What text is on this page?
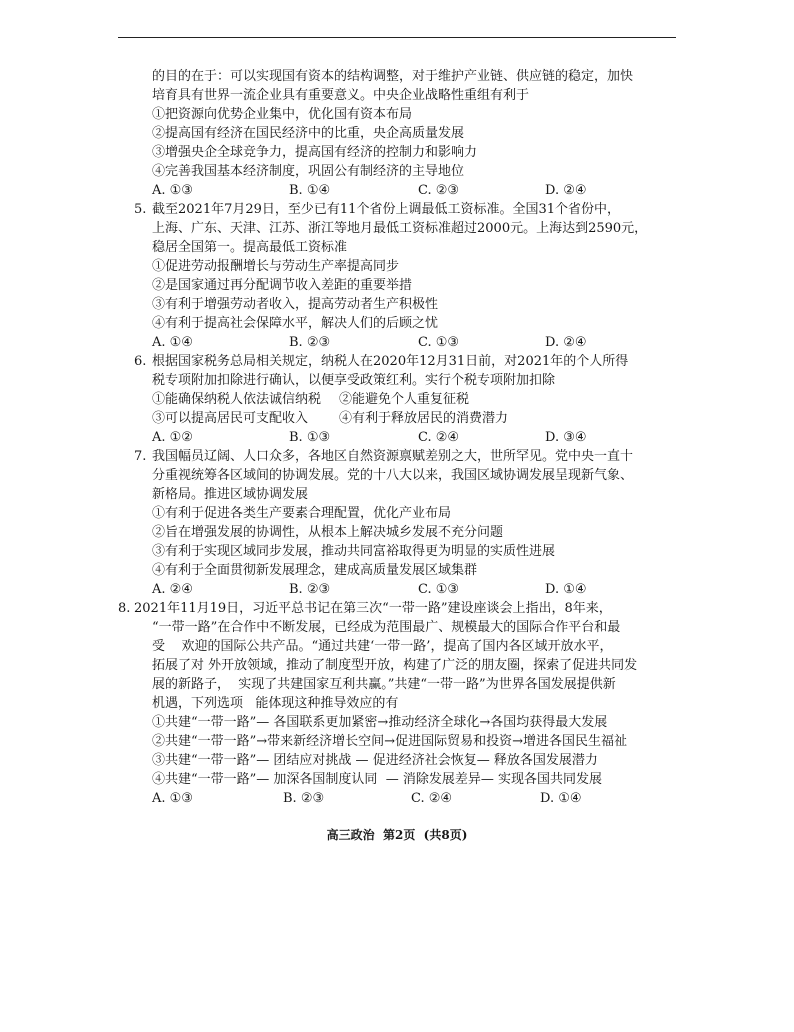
的目的在于：可以实现国有资本的结构调整，对于维护产业链、供应链的稳定，加快
培育具有世界一流企业具有重要意义。中央企业战略性重组有利于
①把资源向优势企业集中，优化国有资本布局
②提高国有经济在国民经济中的比重，央企高质量发展
③增强央企全球竞争力，提高国有经济的控制力和影响力
④完善我国基本经济制度，巩固公有制经济的主导地位
A. ①③	B. ①④	C. ②③	D. ②④
5. 截至2021年7月29日，至少已有11个省份上调最低工资标准。全国31个省份中，
上海、广东、天津、江苏、浙江等地月最低工资标准超过2000元。上海达到2590元，
稳居全国第一。提高最低工资标准
①促进劳动报酬增长与劳动生产率提高同步
②是国家通过再分配调节收入差距的重要举措
③有利于增强劳动者收入，提高劳动者生产积极性
④有利于提高社会保障水平，解决人们的后顾之忧
A. ①④	B. ②③	C. ①③	D. ②④
6. 根据国家税务总局相关规定，纳税人在2020年12月31日前，对2021年的个人所得
税专项附加扣除进行确认，以便享受政策红利。实行个税专项附加扣除
①能确保纳税人依法诚信纳税 ②能避免个人重复征税
③可以提高居民可支配收入 ④有利于释放居民的消费潜力
A. ①②	B. ①③	C. ②④	D. ③④
7. 我国幅员辽阔、人口众多，各地区自然资源禀赋差别之大，世所罕见。党中央一直十
分重视统筹各区域间的协调发展。党的十八大以来，我国区域协调发展呈现新气象、
新格局。推进区域协调发展
①有利于促进各类生产要素合理配置，优化产业布局
②旨在增强发展的协调性，从根本上解决城乡发展不充分问题
③有利于实现区域同步发展，推动共同富裕取得更为明显的实质性进展
④有利于全面贯彻新发展理念，建成高质量发展区域集群
A. ②④	B. ②③	C. ①③	D. ①④
8. 2021年11月19日，习近平总书记在第三次“一带一路”建设座谈会上指出，8年来，
“一带一路”在合作中不断发展，已经成为范围最广、规模最大的国际合作平台和最
受    欢迎的国际公共产品。“通过共建‘一带一路’，提高了国内各区域开放水平，
拓展了对 外开放领域，推动了制度型开放，构建了广泛的朋友圈，探索了促进共同发
展的新路子，  实现了共建国家互利共赢。”共建“一带一路”为世界各国发展提供新
机遇，下列选项   能体现这种推导效应的有
①共建“一带一路”— 各国联系更加紧密→推动经济全球化→各国均获得最大发展
②共建“一带一路”→带来新经济增长空间→促进国际贸易和投资→增进各国民生福祉
③共建“一带一路”— 团结应对挑战 — 促进经济社会恢复— 释放各国发展潜力
④共建“一带一路”— 加深各国制度认同  — 消除发展差异— 实现各国共同发展
A. ①③	B. ②③	C. ②④	D. ①④
高三政治  第2页  (共8页)
